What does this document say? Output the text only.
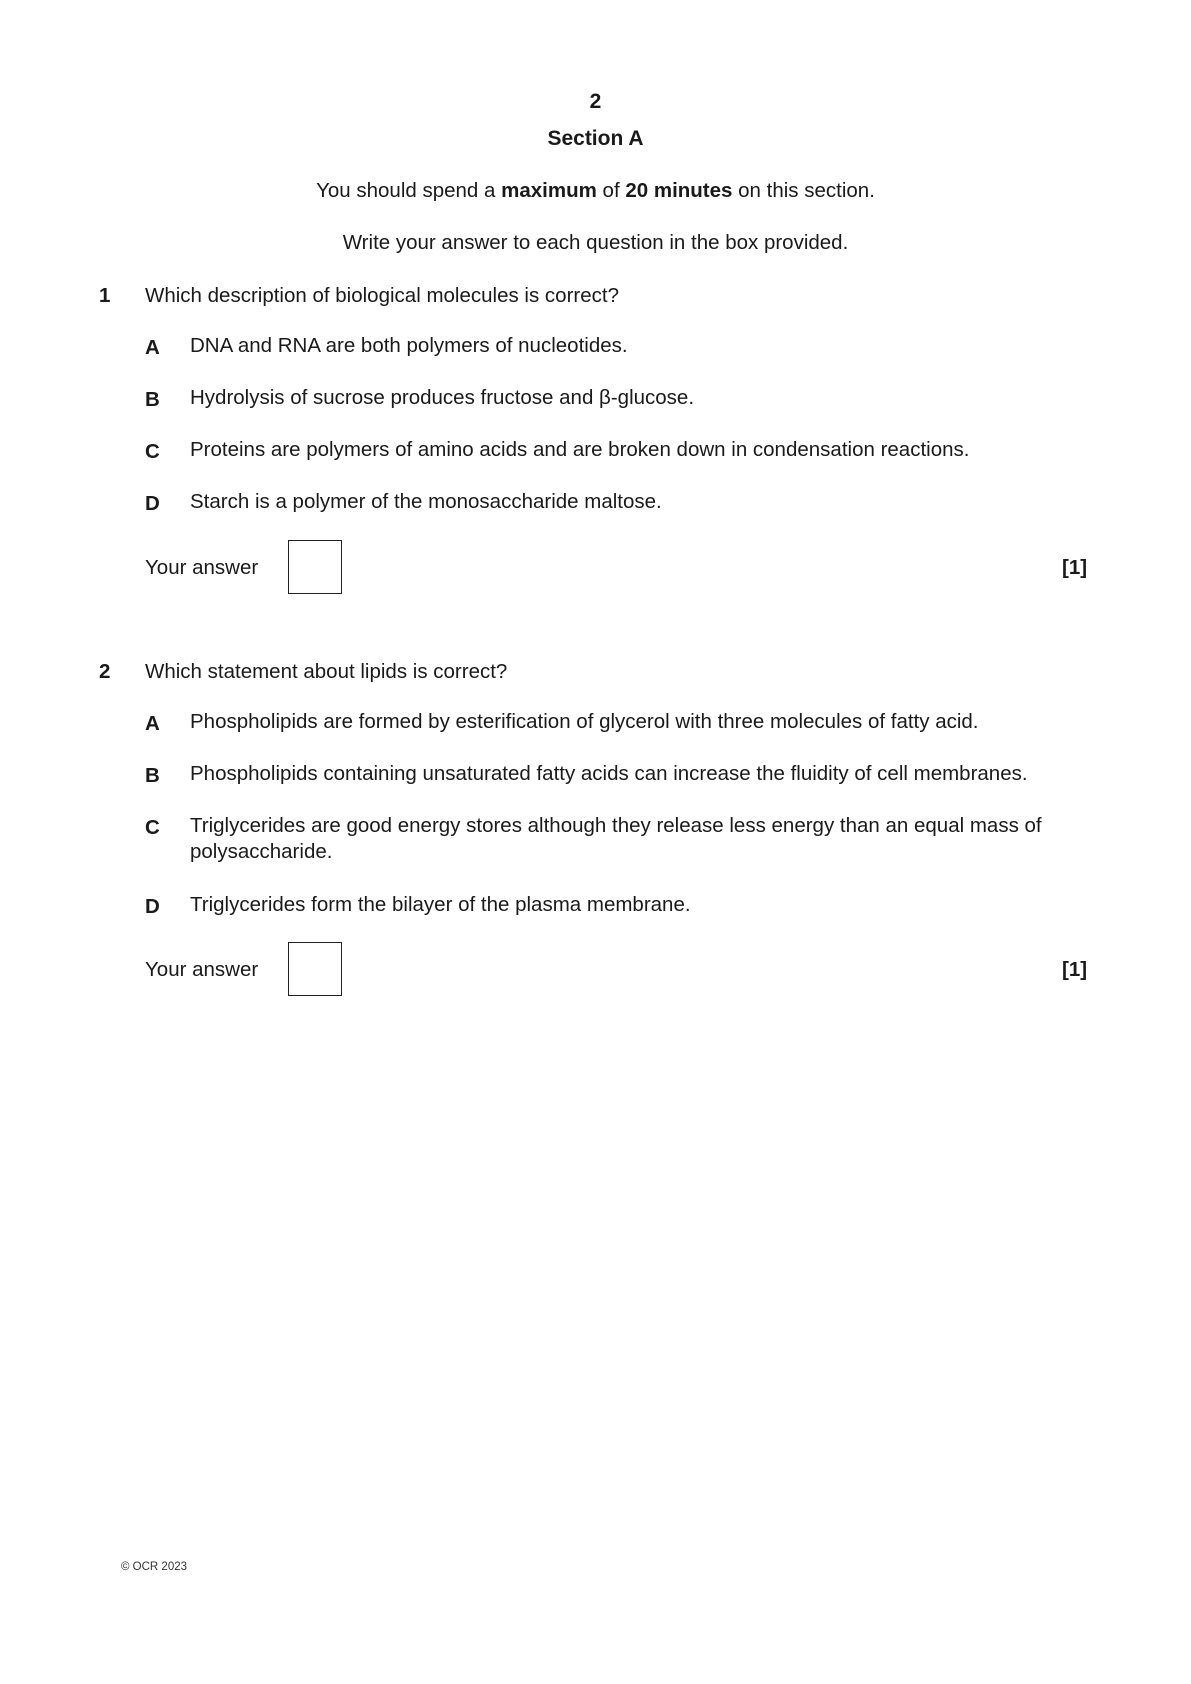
2
Section A
You should spend a maximum of 20 minutes on this section.
Write your answer to each question in the box provided.
1 Which description of biological molecules is correct?
A DNA and RNA are both polymers of nucleotides.
B Hydrolysis of sucrose produces fructose and β-glucose.
C Proteins are polymers of amino acids and are broken down in condensation reactions.
D Starch is a polymer of the monosaccharide maltose.
Your answer	[1]
2 Which statement about lipids is correct?
A Phospholipids are formed by esterification of glycerol with three molecules of fatty acid.
B Phospholipids containing unsaturated fatty acids can increase the fluidity of cell membranes.
C Triglycerides are good energy stores although they release less energy than an equal mass of polysaccharide.
D Triglycerides form the bilayer of the plasma membrane.
Your answer	[1]
© OCR 2023
